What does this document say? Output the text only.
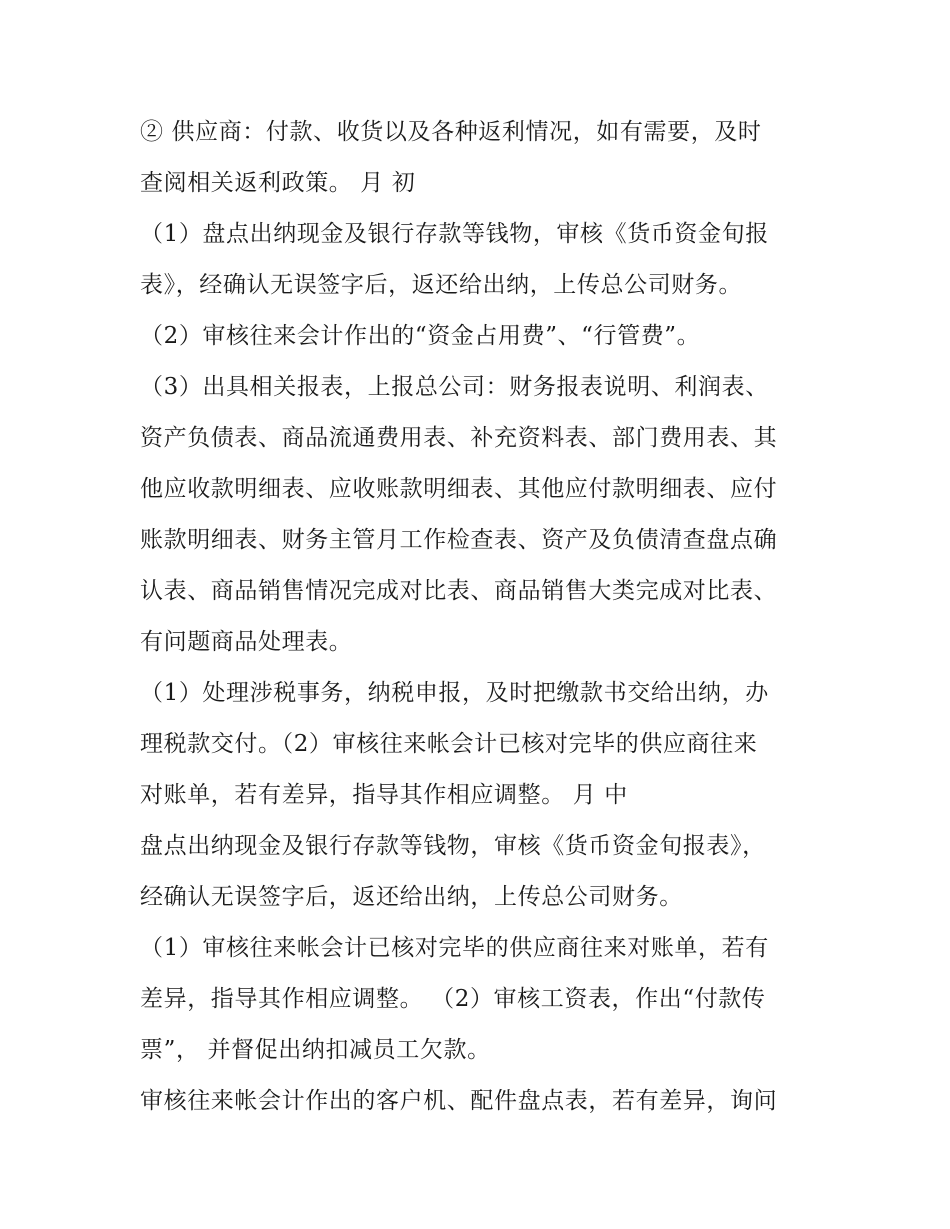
② 供应商：付款、收货以及各种返利情况，如有需要，及时
查阅相关返利政策。 月 初
（1）盘点出纳现金及银行存款等钱物，审核《货币资金旬报
表》，经确认无误签字后，返还给出纳，上传总公司财务。
（2）审核往来会计作出的“资金占用费”、“行管费”。
（3）出具相关报表，上报总公司：财务报表说明、利润表、
资产负债表、商品流通费用表、补充资料表、部门费用表、其
他应收款明细表、应收账款明细表、其他应付款明细表、应付
账款明细表、财务主管月工作检查表、资产及负债清查盘点确
认表、商品销售情况完成对比表、商品销售大类完成对比表、
有问题商品处理表。
（1）处理涉税事务，纳税申报，及时把缴款书交给出纳，办
理税款交付。（2）审核往来帐会计已核对完毕的供应商往来
对账单，若有差异，指导其作相应调整。 月 中
盘点出纳现金及银行存款等钱物，审核《货币资金旬报表》，
经确认无误签字后，返还给出纳，上传总公司财务。
（1）审核往来帐会计已核对完毕的供应商往来对账单，若有
差异，指导其作相应调整。 （2）审核工资表，作出“付款传
票”， 并督促出纳扣减员工欠款。
审核往来帐会计作出的客户机、配件盘点表，若有差异，询问
